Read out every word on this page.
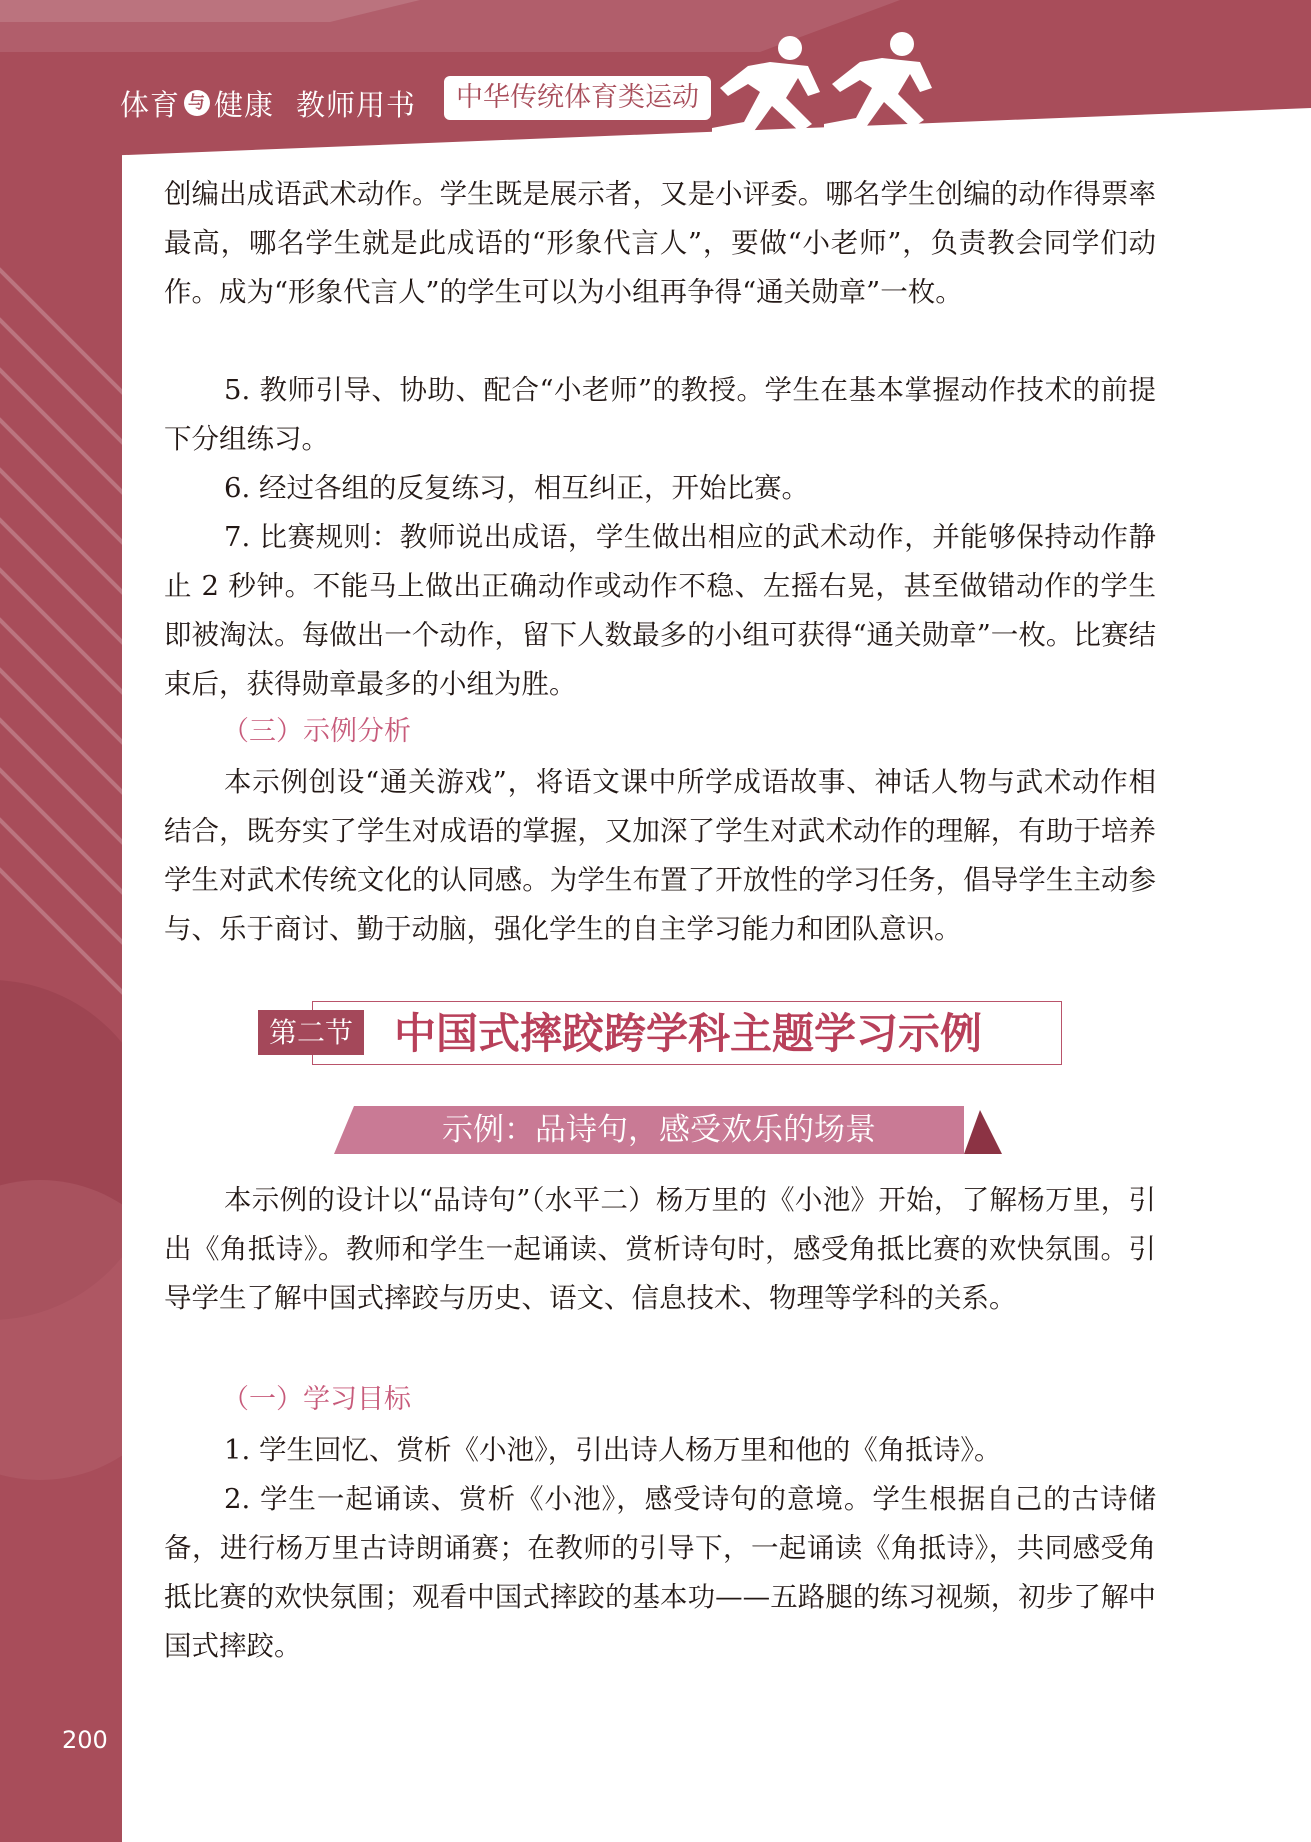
体育 与 健康 教师用书	中华传统体育类运动

创编出成语武术动作。学生既是展示者，又是小评委。哪名学生创编的动作得票率最高，哪名学生就是此成语的“形象代言人”，要做“小老师”，负责教会同学们动作。成为“形象代言人”的学生可以为小组再争得“通关勋章”一枚。

5. 教师引导、协助、配合“小老师”的教授。学生在基本掌握动作技术的前提下分组练习。

6. 经过各组的反复练习，相互纠正，开始比赛。

7. 比赛规则：教师说出成语，学生做出相应的武术动作，并能够保持动作静止 2 秒钟。不能马上做出正确动作或动作不稳、左摇右晃，甚至做错动作的学生即被淘汰。每做出一个动作，留下人数最多的小组可获得“通关勋章”一枚。比赛结束后，获得勋章最多的小组为胜。

（三）示例分析

本示例创设“通关游戏”，将语文课中所学成语故事、神话人物与武术动作相结合，既夯实了学生对成语的掌握，又加深了学生对武术动作的理解，有助于培养学生对武术传统文化的认同感。为学生布置了开放性的学习任务，倡导学生主动参与、乐于商讨、勤于动脑，强化学生的自主学习能力和团队意识。

第二节 中国式摔跤跨学科主题学习示例
示例：品诗句，感受欢乐的场景

本示例的设计以“品诗句”（水平二）杨万里的《小池》开始，了解杨万里，引出《角抵诗》。教师和学生一起诵读、赏析诗句时，感受角抵比赛的欢快氛围。引导学生了解中国式摔跤与历史、语文、信息技术、物理等学科的关系。

（一）学习目标

1. 学生回忆、赏析《小池》，引出诗人杨万里和他的《角抵诗》。

2. 学生一起诵读、赏析《小池》，感受诗句的意境。学生根据自己的古诗储备，进行杨万里古诗朗诵赛；在教师的引导下，一起诵读《角抵诗》，共同感受角抵比赛的欢快氛围；观看中国式摔跤的基本功——五路腿的练习视频，初步了解中国式摔跤。

200
